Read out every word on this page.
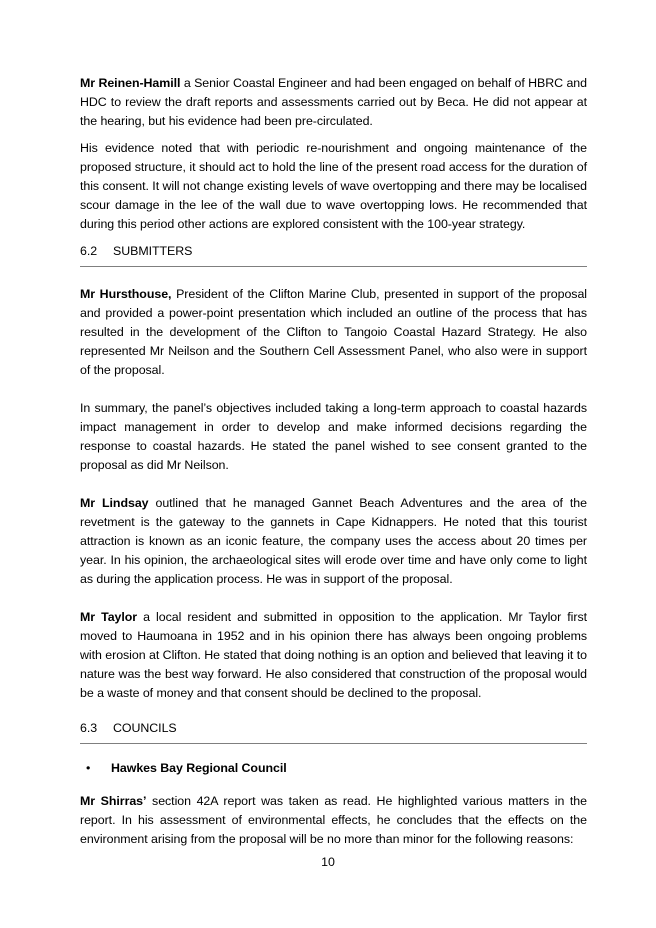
Mr Reinen-Hamill a Senior Coastal Engineer and had been engaged on behalf of HBRC and HDC to review the draft reports and assessments carried out by Beca. He did not appear at the hearing, but his evidence had been pre-circulated.

His evidence noted that with periodic re-nourishment and ongoing maintenance of the proposed structure, it should act to hold the line of the present road access for the duration of this consent. It will not change existing levels of wave overtopping and there may be localised scour damage in the lee of the wall due to wave overtopping lows. He recommended that during this period other actions are explored consistent with the 100-year strategy.

6.2	SUBMITTERS

Mr Hursthouse, President of the Clifton Marine Club, presented in support of the proposal and provided a power-point presentation which included an outline of the process that has resulted in the development of the Clifton to Tangoio Coastal Hazard Strategy. He also represented Mr Neilson and the Southern Cell Assessment Panel, who also were in support of the proposal.

In summary, the panel’s objectives included taking a long-term approach to coastal hazards impact management in order to develop and make informed decisions regarding the response to coastal hazards. He stated the panel wished to see consent granted to the proposal as did Mr Neilson.

Mr Lindsay outlined that he managed Gannet Beach Adventures and the area of the revetment is the gateway to the gannets in Cape Kidnappers. He noted that this tourist attraction is known as an iconic feature, the company uses the access about 20 times per year. In his opinion, the archaeological sites will erode over time and have only come to light as during the application process. He was in support of the proposal.

Mr Taylor a local resident and submitted in opposition to the application. Mr Taylor first moved to Haumoana in 1952 and in his opinion there has always been ongoing problems with erosion at Clifton. He stated that doing nothing is an option and believed that leaving it to nature was the best way forward. He also considered that construction of the proposal would be a waste of money and that consent should be declined to the proposal.

6.3	COUNCILS
•	Hawkes Bay Regional Council

Mr Shirras’ section 42A report was taken as read. He highlighted various matters in the report. In his assessment of environmental effects, he concludes that the effects on the environment arising from the proposal will be no more than minor for the following reasons:

10
